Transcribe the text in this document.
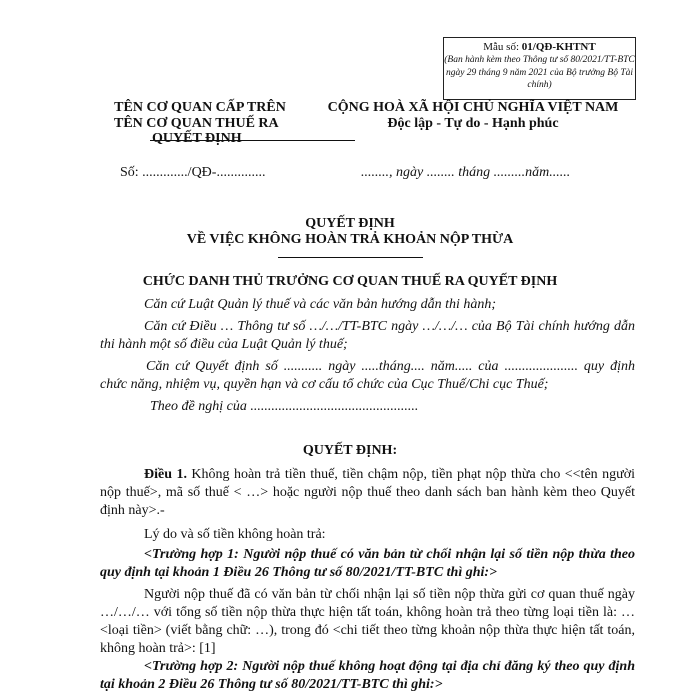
Mẫu số: 01/QĐ-KHTNT
(Ban hành kèm theo Thông tư số 80/2021/TT-BTC ngày 29 tháng 9 năm 2021 của Bộ trưởng Bộ Tài chính)
TÊN CƠ QUAN CẤP TRÊN
TÊN CƠ QUAN THUẾ RA
QUYẾT ĐỊNH
CỘNG HOÀ XÃ HỘI CHỦ NGHĨA VIỆT NAM
Độc lập - Tự do - Hạnh phúc
Số: ............./QĐ-..............	........, ngày ........ tháng .........năm......
QUYẾT ĐỊNH
VỀ VIỆC KHÔNG HOÀN TRẢ KHOẢN NỘP THỪA
CHỨC DANH THỦ TRƯỞNG CƠ QUAN THUẾ RA QUYẾT ĐỊNH
Căn cứ Luật Quản lý thuế và các văn bản hướng dẫn thi hành;
Căn cứ Điều … Thông tư số …/…/TT-BTC ngày …/…/… của Bộ Tài chính hướng dẫn thi hành một số điều của Luật Quản lý thuế;
Căn cứ Quyết định số ........... ngày .....tháng.... năm..... của ..................... quy định chức năng, nhiệm vụ, quyền hạn và cơ cấu tổ chức của Cục Thuế/Chi cục Thuế;
Theo đề nghị của ................................................
QUYẾT ĐỊNH:
Điều 1. Không hoàn trả tiền thuế, tiền chậm nộp, tiền phạt nộp thừa cho <<tên người nộp thuế>, mã số thuế < …> hoặc người nộp thuế theo danh sách ban hành kèm theo Quyết định này>.-
Lý do và số tiền không hoàn trả:
<Trường hợp 1: Người nộp thuế có văn bản từ chối nhận lại số tiền nộp thừa theo quy định tại khoản 1 Điều 26 Thông tư số 80/2021/TT-BTC thì ghi:>
Người nộp thuế đã có văn bản từ chối nhận lại số tiền nộp thừa gửi cơ quan thuế ngày …/…/… với tổng số tiền nộp thừa thực hiện tất toán, không hoàn trả theo từng loại tiền là: …<loại tiền> (viết bằng chữ: …), trong đó <chi tiết theo từng khoản nộp thừa thực hiện tất toán, không hoàn trả>: [1]
<Trường hợp 2: Người nộp thuế không hoạt động tại địa chỉ đăng ký theo quy định tại khoản 2 Điều 26 Thông tư số 80/2021/TT-BTC thì ghi:>
